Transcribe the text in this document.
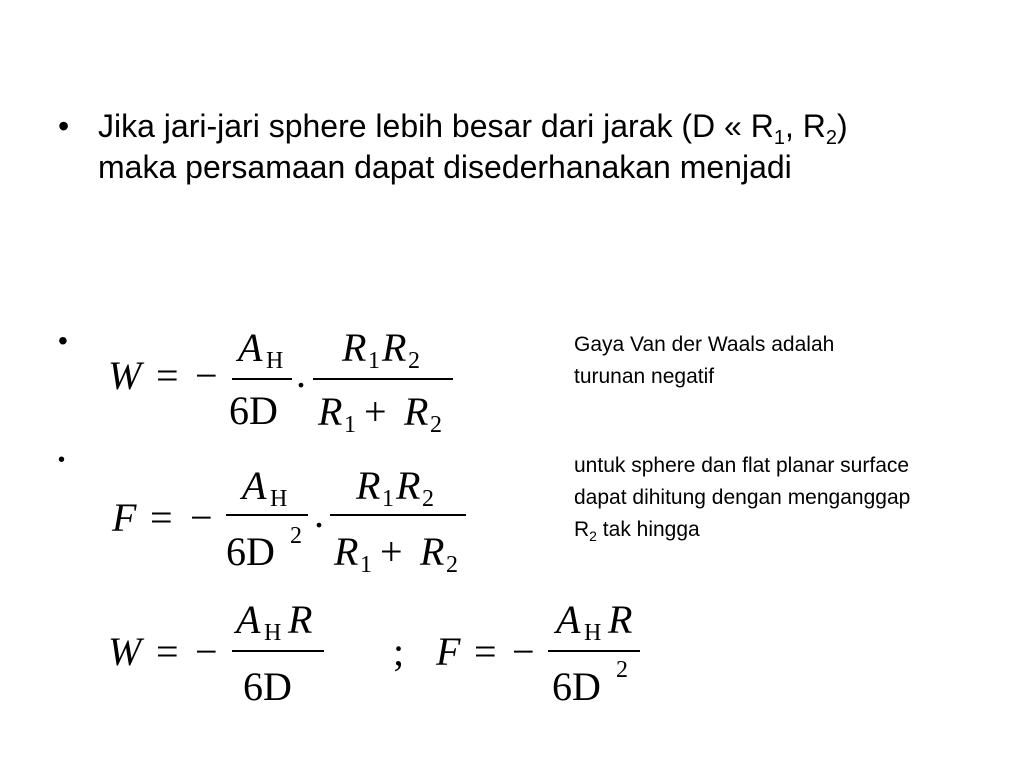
•
•
•
Jika jari-jari sphere lebih besar dari jarak (D « $R_1$, $R_2$) maka persamaan dapat disederhanakan menjadi
Gaya Van der Waals adalah turunan negatif
untuk sphere dan flat planar surface dapat dihitung dengan menganggap $R_2$ tak hingga
W = −
A H
6D
.
R 1 R 2
R 1 + R 2
F = −
A H
6D 2 .
R 1 R 2
R 1 + R 2
W = −
A H R
6D
; F = −
A H R
6D 2
